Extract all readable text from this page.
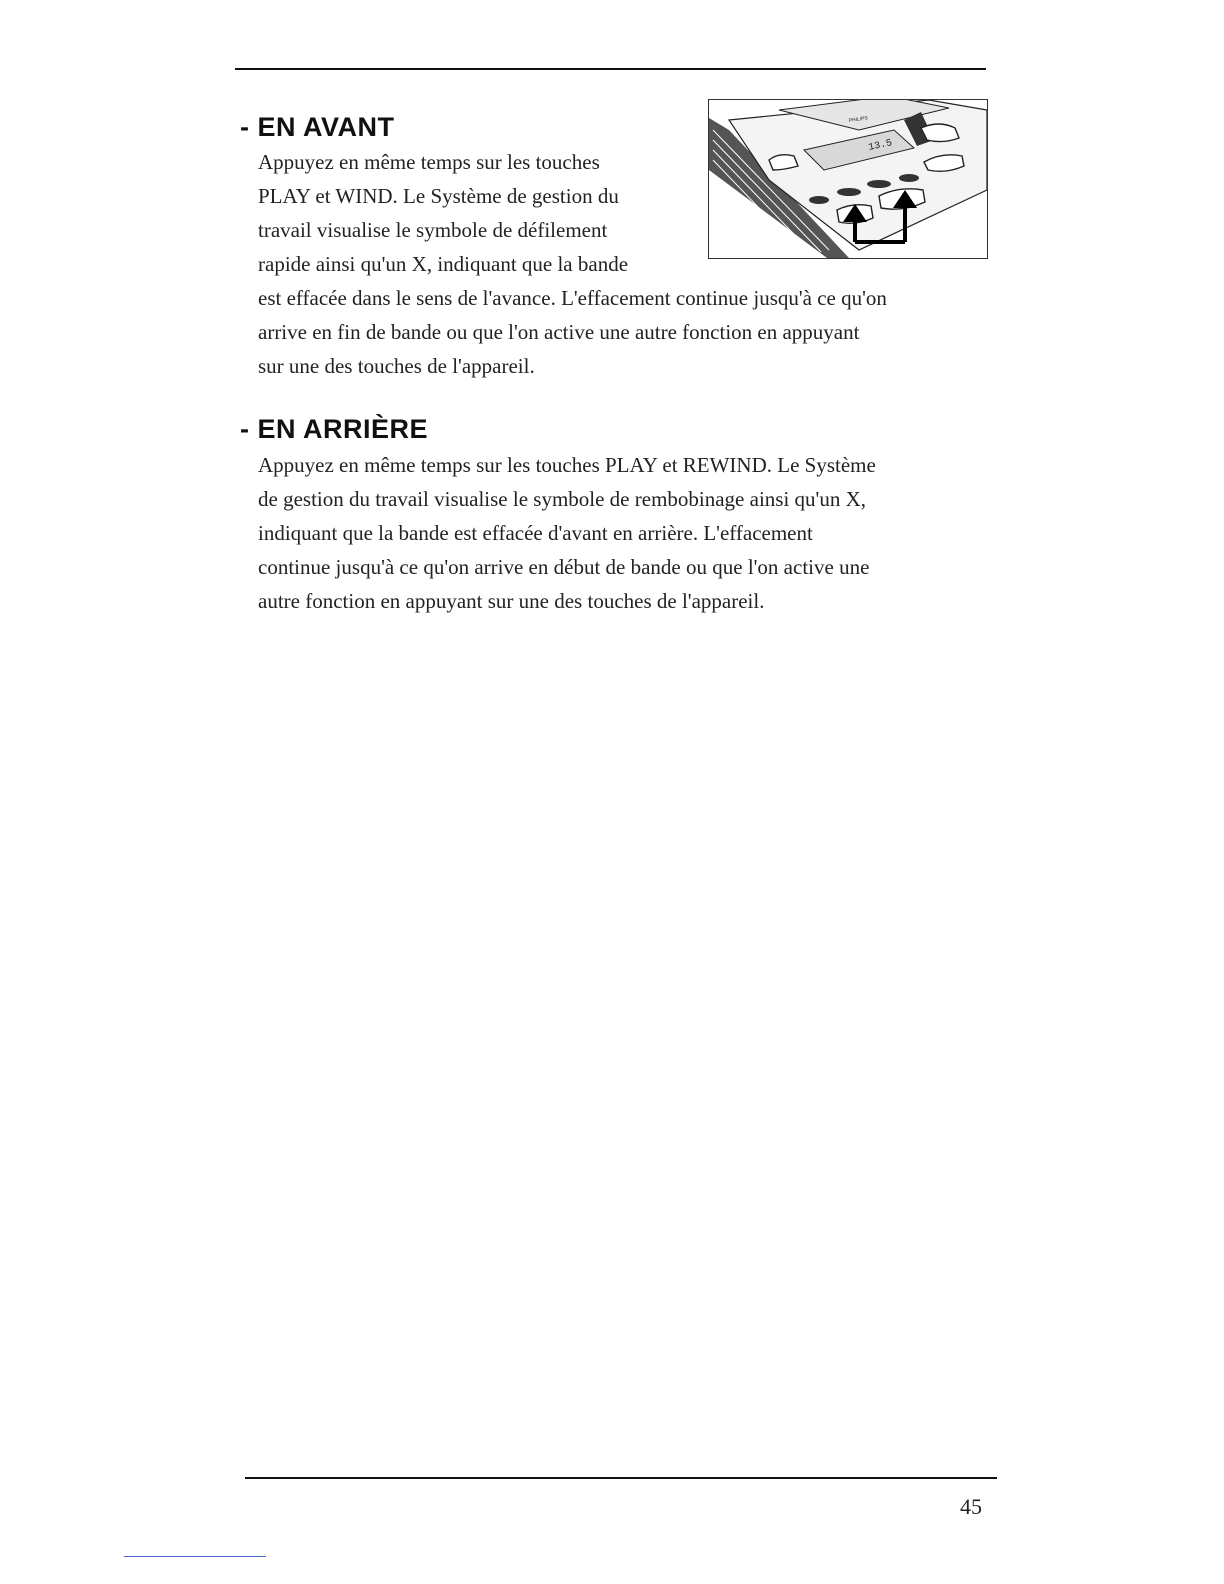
- EN AVANT

Appuyez en même temps sur les touches
PLAY et WIND. Le Système de gestion du
travail visualise le symbole de défilement
rapide ainsi qu'un X, indiquant que la bande
est effacée dans le sens de l'avance. L'effacement continue jusqu'à ce qu'on
arrive en fin de bande ou que l'on active une autre fonction en appuyant
sur une des touches de l'appareil.

PHILIPS
13.5
- EN ARRIÈRE

Appuyez en même temps sur les touches PLAY et REWIND. Le Système
de gestion du travail visualise le symbole de rembobinage ainsi qu'un X,
indiquant que la bande est effacée d'avant en arrière. L'effacement
continue jusqu'à ce qu'on arrive en début de bande ou que l'on active une
autre fonction en appuyant sur une des touches de l'appareil.

45
